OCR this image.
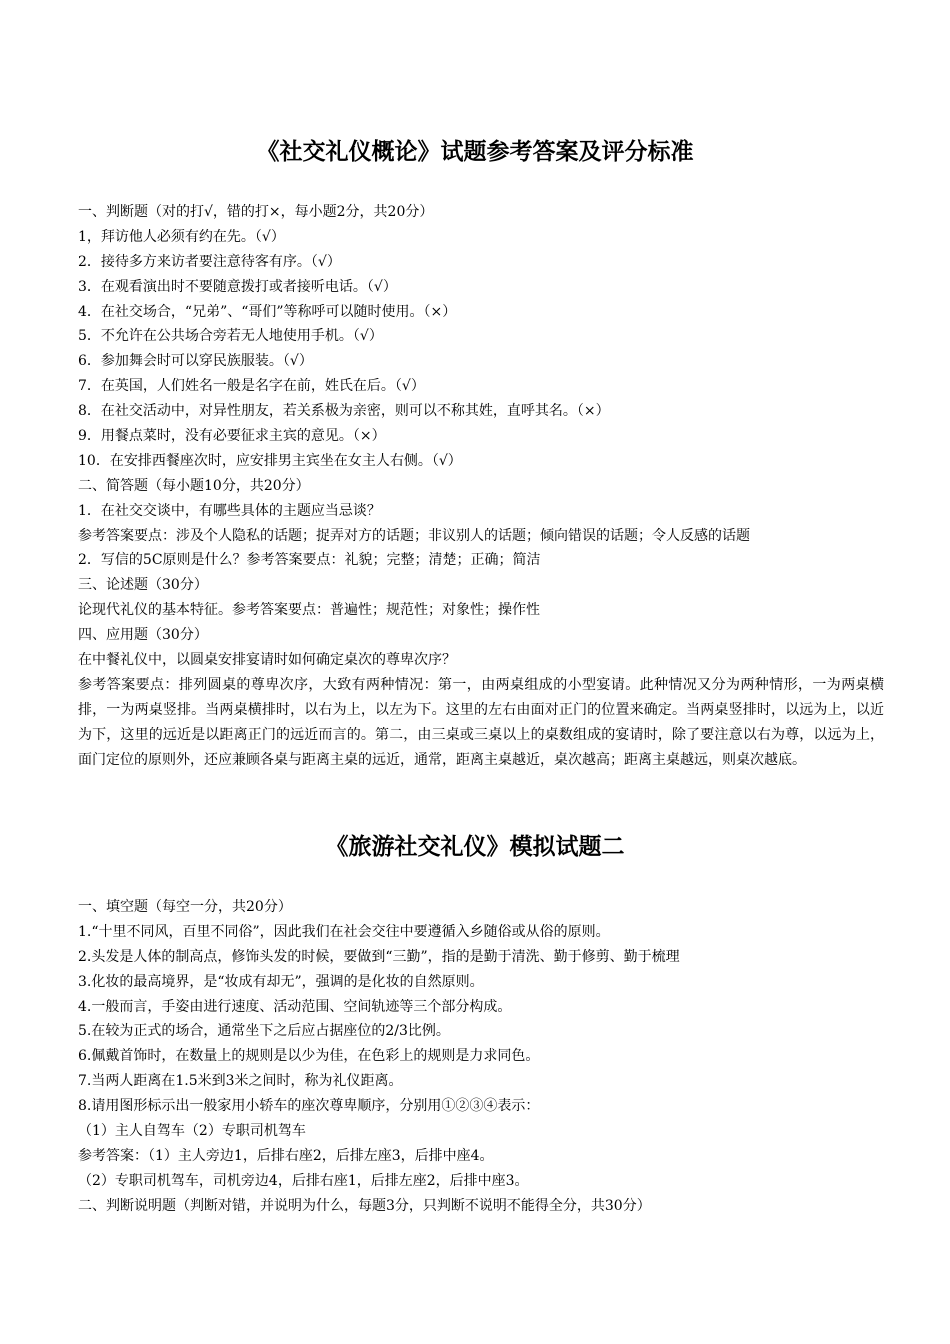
《社交礼仪概论》试题参考答案及评分标准
一、判断题（对的打√，错的打×，每小题2分，共20分）
1，拜访他人必须有约在先。（√）
2．接待多方来访者要注意待客有序。（√）
3．在观看演出时不要随意拨打或者接听电话。（√）
4．在社交场合，“兄弟”、“哥们”等称呼可以随时使用。（×）
5．不允许在公共场合旁若无人地使用手机。（√）
6．参加舞会时可以穿民族服装。（√）
7．在英国，人们姓名一般是名字在前，姓氏在后。（√）
8．在社交活动中，对异性朋友，若关系极为亲密，则可以不称其姓，直呼其名。（×）
9．用餐点菜时，没有必要征求主宾的意见。（×）
10．在安排西餐座次时，应安排男主宾坐在女主人右侧。（√）
二、简答题（每小题10分，共20分）
1．在社交交谈中，有哪些具体的主题应当忌谈？
参考答案要点：涉及个人隐私的话题；捉弄对方的话题；非议别人的话题；倾向错误的话题；令人反感的话题
2．写信的5C原则是什么？参考答案要点：礼貌；完整；清楚；正确；简洁
三、论述题（30分）
论现代礼仪的基本特征。参考答案要点：普遍性；规范性；对象性；操作性
四、应用题（30分）
在中餐礼仪中，以圆桌安排宴请时如何确定桌次的尊卑次序？
参考答案要点：排列圆桌的尊卑次序，大致有两种情况：第一，由两桌组成的小型宴请。此种情况又分为两种情形，一为两桌横排，一为两桌竖排。当两桌横排时，以右为上，以左为下。这里的左右由面对正门的位置来确定。当两桌竖排时，以远为上，以近为下，这里的远近是以距离正门的远近而言的。第二，由三桌或三桌以上的桌数组成的宴请时，除了要注意以右为尊，以远为上，面门定位的原则外，还应兼顾各桌与距离主桌的远近，通常，距离主桌越近，桌次越高；距离主桌越远，则桌次越底。
《旅游社交礼仪》模拟试题二
一、填空题（每空一分，共20分）
1.“十里不同风，百里不同俗”，因此我们在社会交往中要遵循入乡随俗或从俗的原则。
2.头发是人体的制高点，修饰头发的时候，要做到“三勤”，指的是勤于清洗、勤于修剪、勤于梳理
3.化妆的最高境界，是“妆成有却无”，强调的是化妆的自然原则。
4.一般而言，手姿由进行速度、活动范围、空间轨迹等三个部分构成。
5.在较为正式的场合，通常坐下之后应占据座位的2/3比例。
6.佩戴首饰时，在数量上的规则是以少为佳，在色彩上的规则是力求同色。
7.当两人距离在1.5米到3米之间时，称为礼仪距离。
8.请用图形标示出一般家用小轿车的座次尊卑顺序，分别用①②③④表示：
（1）主人自驾车（2）专职司机驾车
参考答案：（1）主人旁边1，后排右座2，后排左座3，后排中座4。
（2）专职司机驾车，司机旁边4，后排右座1，后排左座2，后排中座3。
二、判断说明题（判断对错，并说明为什么，每题3分，只判断不说明不能得全分，共30分）
